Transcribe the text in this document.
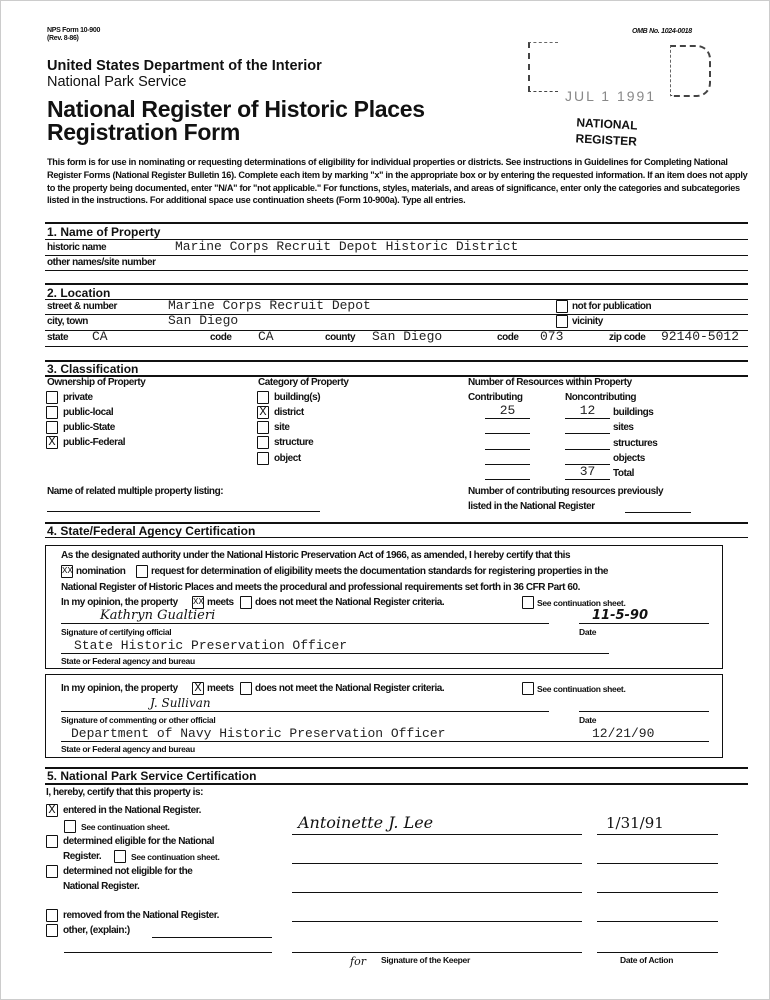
NPS Form 10-900
(Rev. 8-86)
OMB No. 1024-0018
United States Department of the Interior
National Park Service
National Register of Historic Places
Registration Form
JUL 1 1991
NATIONAL
REGISTER
This form is for use in nominating or requesting determinations of eligibility for individual properties or districts. See instructions in Guidelines for Completing National Register Forms (National Register Bulletin 16). Complete each item by marking "x" in the appropriate box or by entering the requested information. If an item does not apply to the property being documented, enter "N/A" for "not applicable." For functions, styles, materials, and areas of significance, enter only the categories and subcategories listed in the instructions. For additional space use continuation sheets (Form 10-900a). Type all entries.
1. Name of Property
historic name	Marine Corps Recruit Depot Historic District
other names/site number
2. Location
street & number	Marine Corps Recruit Depot	not for publication
city, town	San Diego	vicinity
state CA	code CA	county San Diego	code 073	zip code 92140-5012
3. Classification
Ownership of Property	Category of Property	Number of Resources within Property
Contributing	Noncontributing
Name of related multiple property listing:	Number of contributing resources previously
listed in the National Register
4. State/Federal Agency Certification
As the designated authority under the National Historic Preservation Act of 1966, as amended, I hereby certify that this
XX nomination	request for determination of eligibility meets the documentation standards for registering properties in the
National Register of Historic Places and meets the procedural and professional requirements set forth in 36 CFR Part 60.
In my opinion, the property XX meets does not meet the National Register criteria.	See continuation sheet.
Kathryn Gualtieri	11-5-90
Signature of certifying official	Date
State Historic Preservation Officer
State or Federal agency and bureau
In my opinion, the property X meets does not meet the National Register criteria.	See continuation sheet.
J. Sullivan
Signature of commenting or other official	Date
Department of Navy Historic Preservation Officer	12/21/90
State or Federal agency and bureau
5. National Park Service Certification
I, hereby, certify that this property is:
X entered in the National Register.
See continuation sheet.
determined eligible for the National
Register.	See continuation sheet.
determined not eligible for the
National Register.
removed from the National Register.
other, (explain:)
Antoinette J. Lee	1/31/91
for Signature of the Keeper	Date of Action
private
public-local
public-State
X public-Federal
building(s)
X district
site
structure
object
25	12	buildings
sites
structures
objects
37	Total
